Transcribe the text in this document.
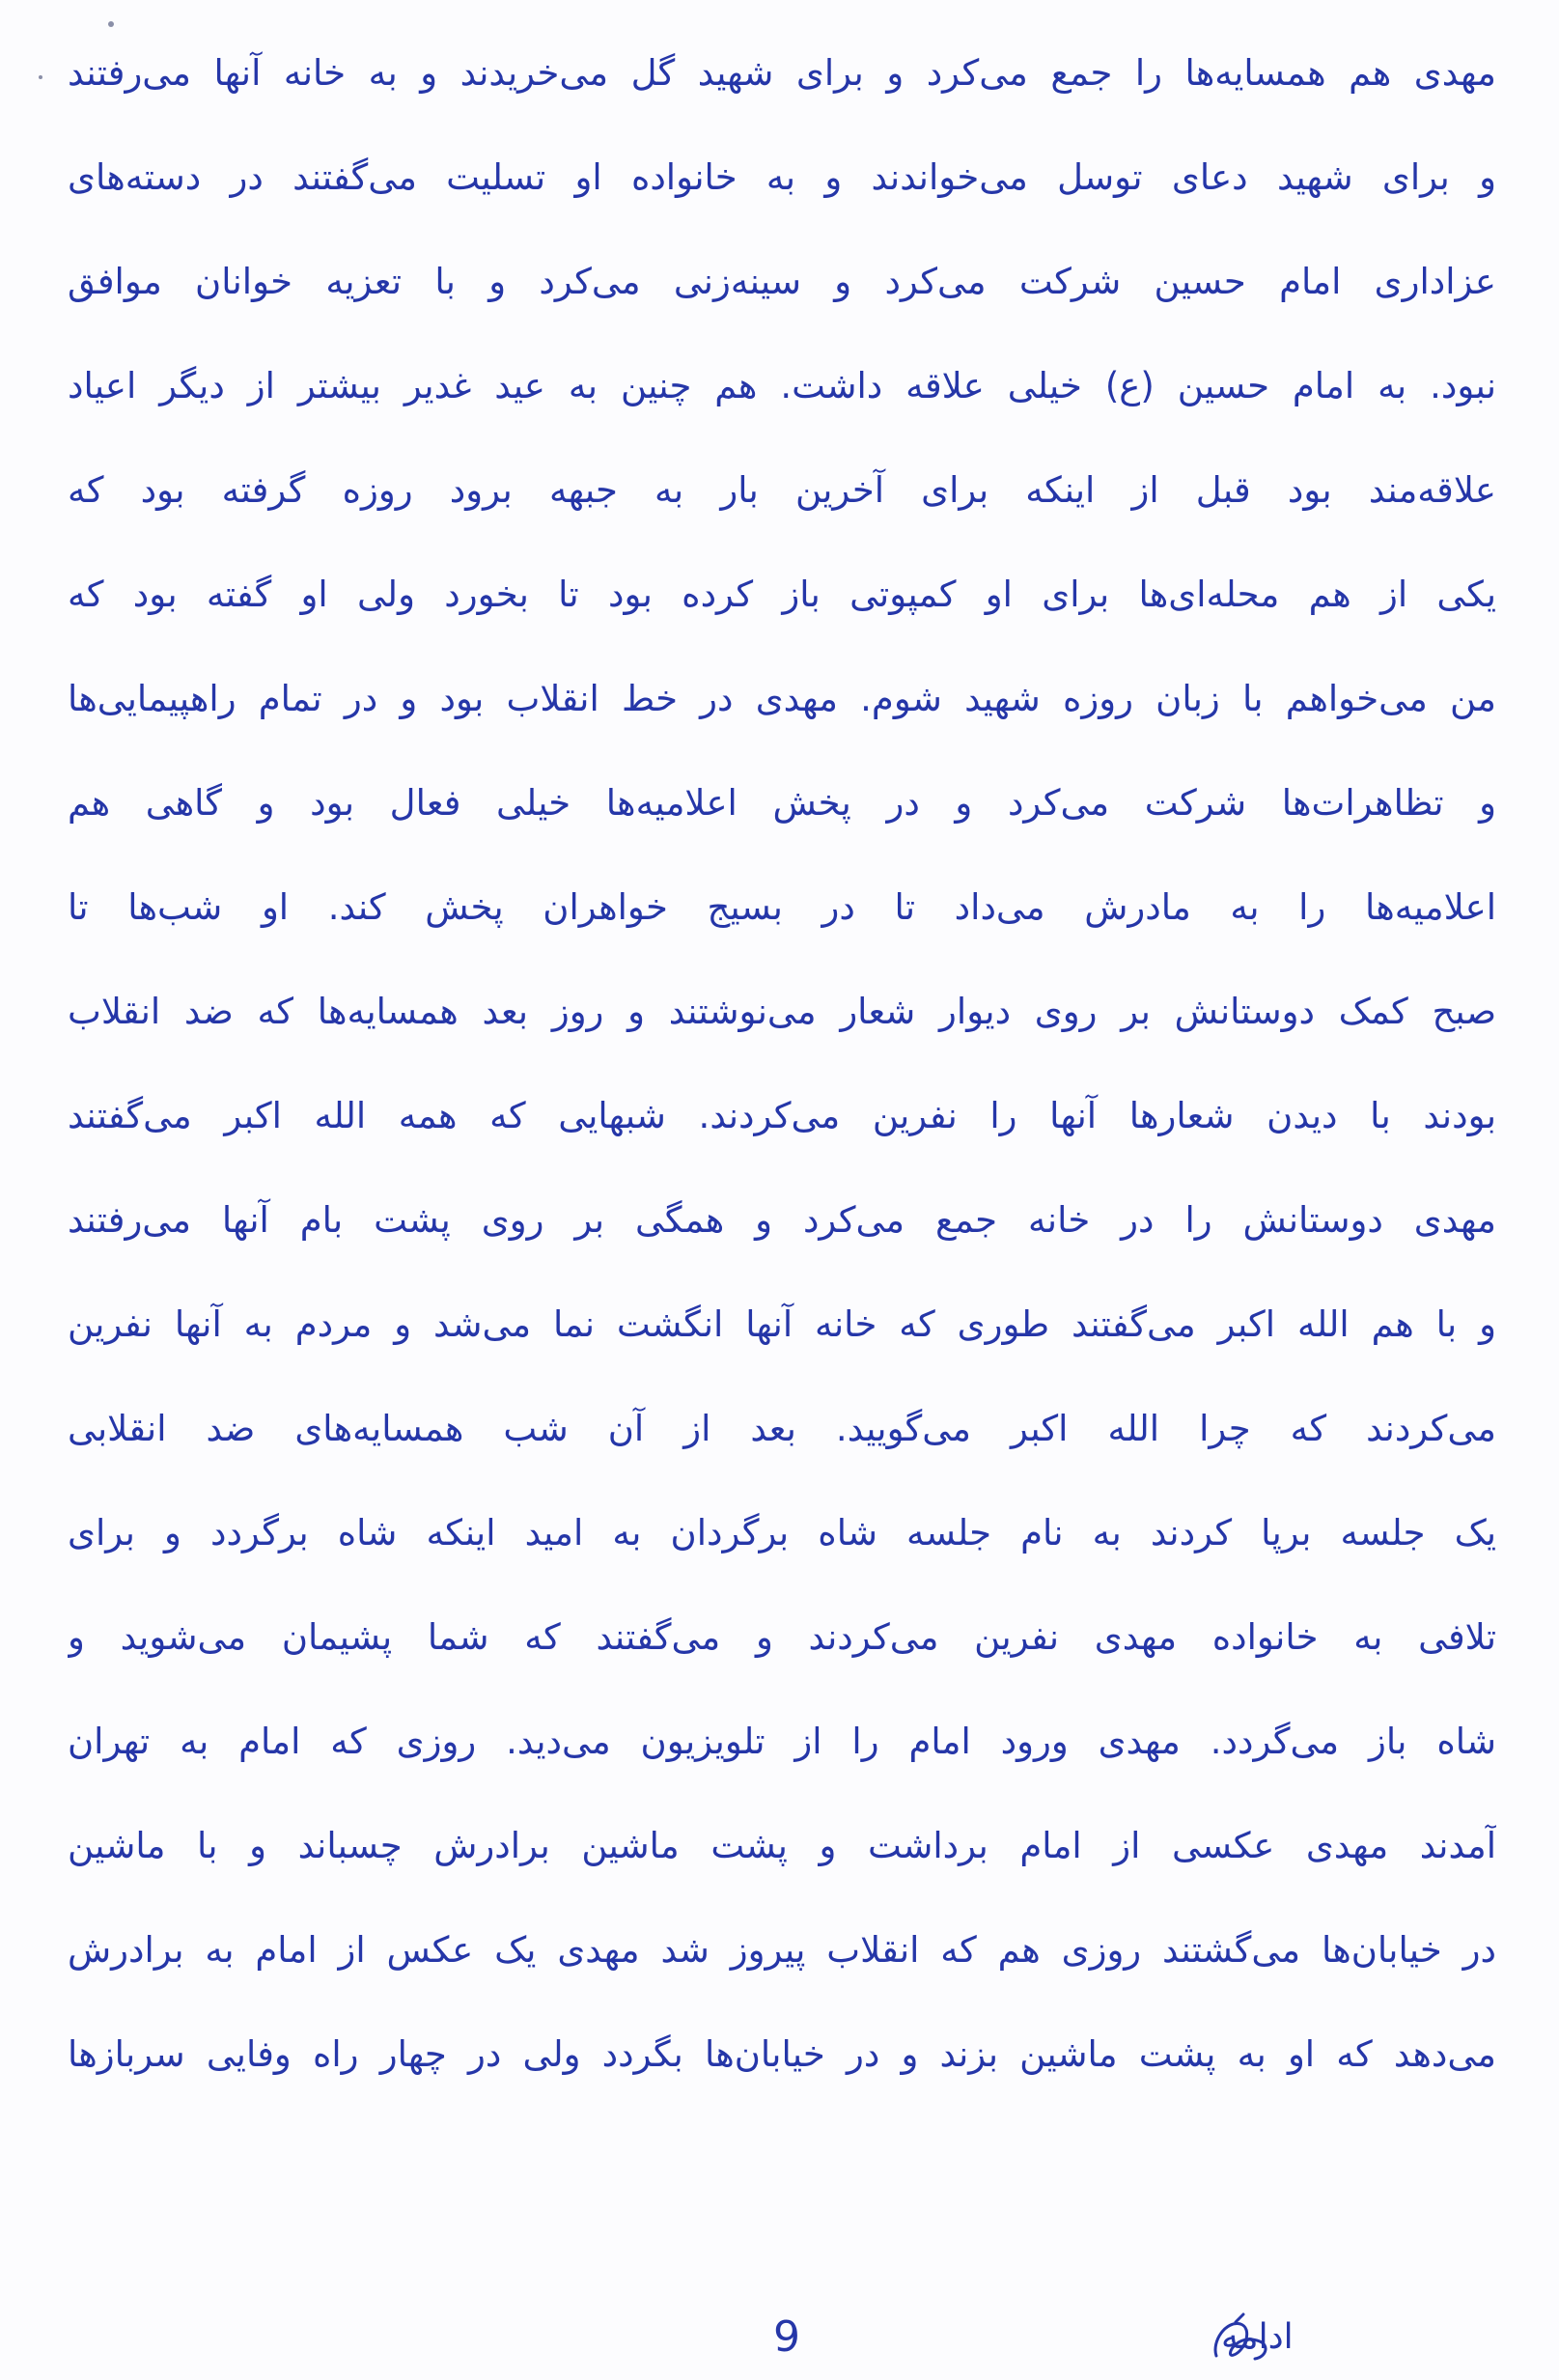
مهدی هم همسایه‌ها را جمع می‌کرد و برای شهید گل می‌خریدند و به خانه آنها می‌رفتند
و برای شهید دعای توسل می‌خواندند و به خانواده او تسلیت می‌گفتند در دسته‌های
عزاداری امام حسین شرکت می‌کرد و سینه‌زنی می‌کرد و با تعزیه خوانان موافق
نبود. به امام حسین (ع) خیلی علاقه داشت. هم چنین به عید غدیر بیشتر از دیگر اعیاد
علاقه‌مند بود قبل از اینکه برای آخرین بار به جبهه برود روزه گرفته بود که
یکی از هم محله‌ای‌ها برای او کمپوتی باز کرده بود تا بخورد ولی او گفته بود که
من می‌خواهم با زبان روزه شهید شوم. مهدی در خط انقلاب بود و در تمام راهپیمایی‌ها
و تظاهرات‌ها شرکت می‌کرد و در پخش اعلامیه‌ها خیلی فعال بود و گاهی هم
اعلامیه‌ها را به مادرش می‌داد تا در بسیج خواهران پخش کند. او شب‌ها تا
صبح کمک دوستانش بر روی دیوار شعار می‌نوشتند و روز بعد همسایه‌ها که ضد انقلاب
بودند با دیدن شعارها آنها را نفرین می‌کردند. شبهایی که همه الله اکبر می‌گفتند
مهدی دوستانش را در خانه جمع می‌کرد و همگی بر روی پشت بام آنها می‌رفتند
و با هم الله اکبر می‌گفتند طوری که خانه آنها انگشت نما می‌شد و مردم به آنها نفرین
می‌کردند که چرا الله اکبر می‌گویید. بعد از آن شب همسایه‌های ضد انقلابی
یک جلسه برپا کردند به نام جلسه شاه برگردان به امید اینکه شاه برگردد و برای
تلافی به خانواده مهدی نفرین می‌کردند و می‌گفتند که شما پشیمان می‌شوید و
شاه باز می‌گردد. مهدی ورود امام را از تلویزیون می‌دید. روزی که امام به تهران
آمدند مهدی عکسی از امام برداشت و پشت ماشین برادرش چسباند و با ماشین
در خیابان‌ها می‌گشتند روزی هم که انقلاب پیروز شد مهدی یک عکس از امام به برادرش
می‌دهد که او به پشت ماشین بزند و در خیابان‌ها بگردد ولی در چهار راه وفایی سربازها
9	ادامه
